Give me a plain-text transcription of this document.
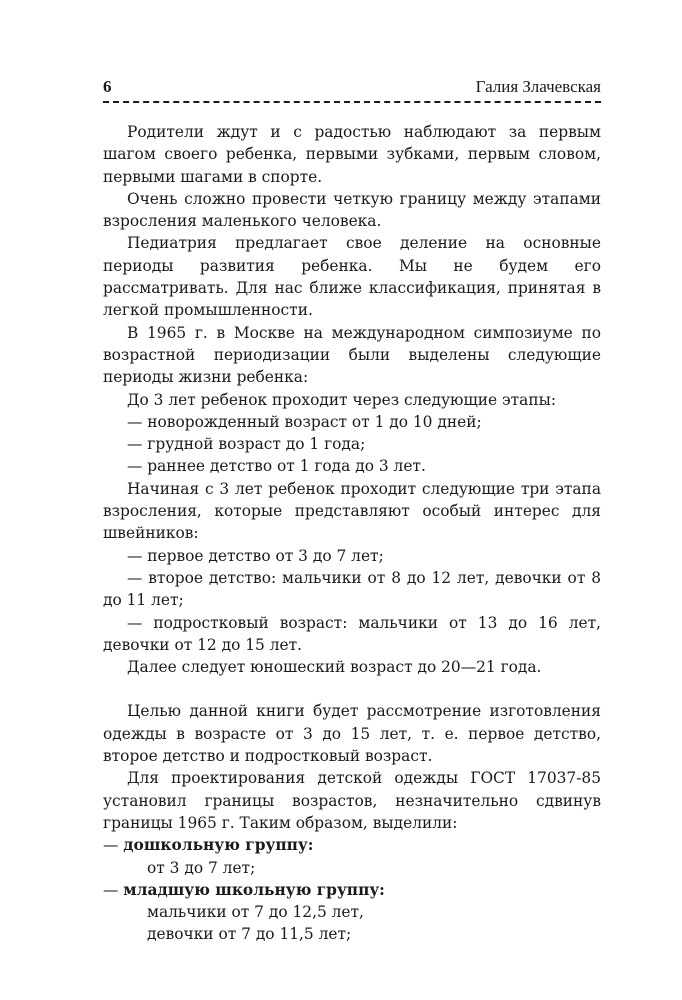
6	Галия Злачевская

Родители ждут и с радостью наблюдают за первым шагом своего ребенка, первыми зубками, первым словом, первыми шагами в спорте.

Очень сложно провести четкую границу между этапами взросления маленького человека.

Педиатрия предлагает свое деление на основные периоды развития ребенка. Мы не будем его рассматривать. Для нас ближе классификация, принятая в легкой промышленности.

В 1965 г. в Москве на международном симпозиуме по возрастной периодизации были выделены следующие периоды жизни ребенка:

До 3 лет ребенок проходит через следующие этапы:

— новорожденный возраст от 1 до 10 дней;

— грудной возраст до 1 года;

— раннее детство от 1 года до 3 лет.

Начиная с 3 лет ребенок проходит следующие три этапа взросления, которые представляют особый интерес для швейников:

— первое детство от 3 до 7 лет;

— второе детство: мальчики от 8 до 12 лет, девочки от 8 до 11 лет;

— подростковый возраст: мальчики от 13 до 16 лет, девочки от 12 до 15 лет.

Далее следует юношеский возраст до 20—21 года.

Целью данной книги будет рассмотрение изготовления одежды в возрасте от 3 до 15 лет, т. е. первое детство, второе детство и подростковый возраст.

Для проектирования детской одежды ГОСТ 17037-85 установил границы возрастов, незначительно сдвинув границы 1965 г. Таким образом, выделили:

— дошкольную группу:

от 3 до 7 лет;

— младшую школьную группу:

мальчики от 7 до 12,5 лет,

девочки от 7 до 11,5 лет;
